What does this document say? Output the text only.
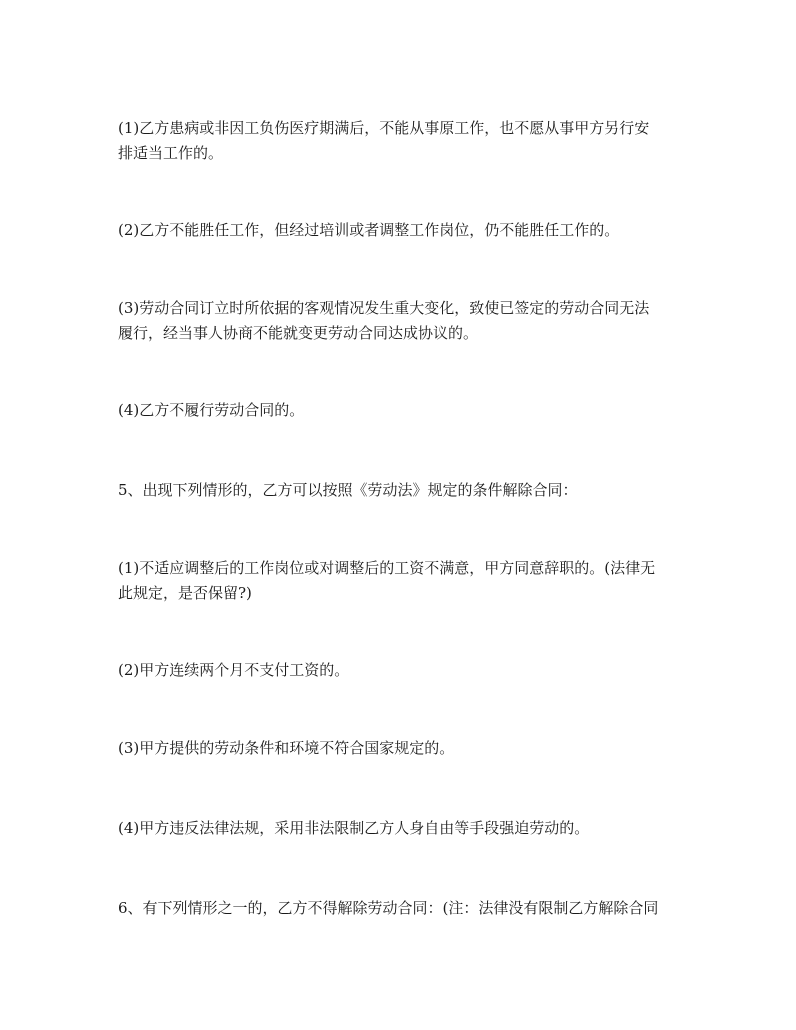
(1)乙方患病或非因工负伤医疗期满后，不能从事原工作，也不愿从事甲方另行安
排适当工作的。

(2)乙方不能胜任工作，但经过培训或者调整工作岗位，仍不能胜任工作的。

(3)劳动合同订立时所依据的客观情况发生重大变化，致使已签定的劳动合同无法
履行，经当事人协商不能就变更劳动合同达成协议的。

(4)乙方不履行劳动合同的。

5、出现下列情形的，乙方可以按照《劳动法》规定的条件解除合同：

(1)不适应调整后的工作岗位或对调整后的工资不满意，甲方同意辞职的。(法律无
此规定，是否保留?)

(2)甲方连续两个月不支付工资的。

(3)甲方提供的劳动条件和环境不符合国家规定的。

(4)甲方违反法律法规，采用非法限制乙方人身自由等手段强迫劳动的。

6、有下列情形之一的，乙方不得解除劳动合同：(注：法律没有限制乙方解除合同
